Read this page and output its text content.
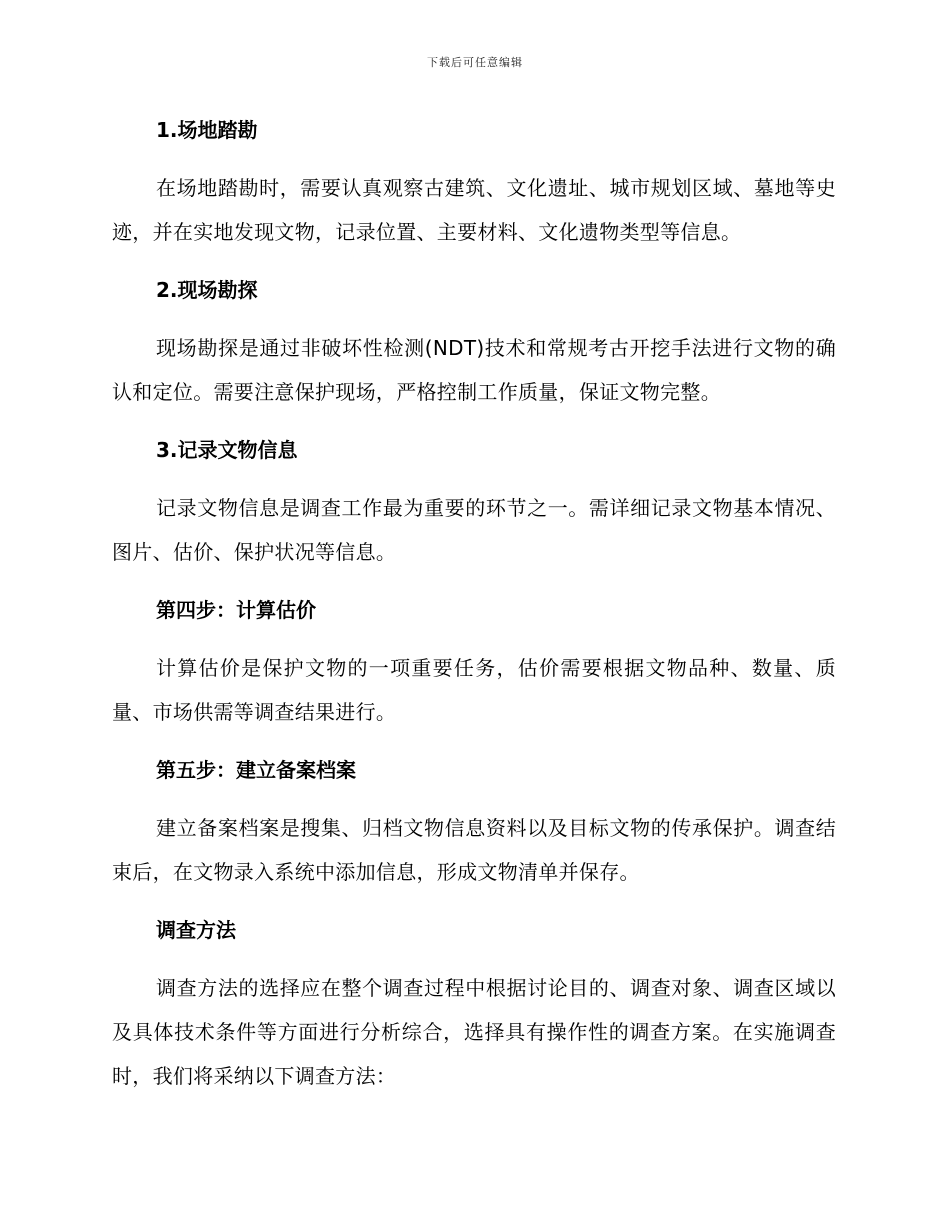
下载后可任意编辑
1.场地踏勘

在场地踏勘时，需要认真观察古建筑、文化遗址、城市规划区域、墓地等史迹，并在实地发现文物，记录位置、主要材料、文化遗物类型等信息。

2.现场勘探

现场勘探是通过非破坏性检测(NDT)技术和常规考古开挖手法进行文物的确认和定位。需要注意保护现场，严格控制工作质量，保证文物完整。

3.记录文物信息

记录文物信息是调查工作最为重要的环节之一。需详细记录文物基本情况、图片、估价、保护状况等信息。

第四步：计算估价

计算估价是保护文物的一项重要任务，估价需要根据文物品种、数量、质量、市场供需等调查结果进行。

第五步：建立备案档案

建立备案档案是搜集、归档文物信息资料以及目标文物的传承保护。调查结束后，在文物录入系统中添加信息，形成文物清单并保存。

调查方法

调查方法的选择应在整个调查过程中根据讨论目的、调查对象、调查区域以及具体技术条件等方面进行分析综合，选择具有操作性的调查方案。在实施调查时，我们将采纳以下调查方法：
